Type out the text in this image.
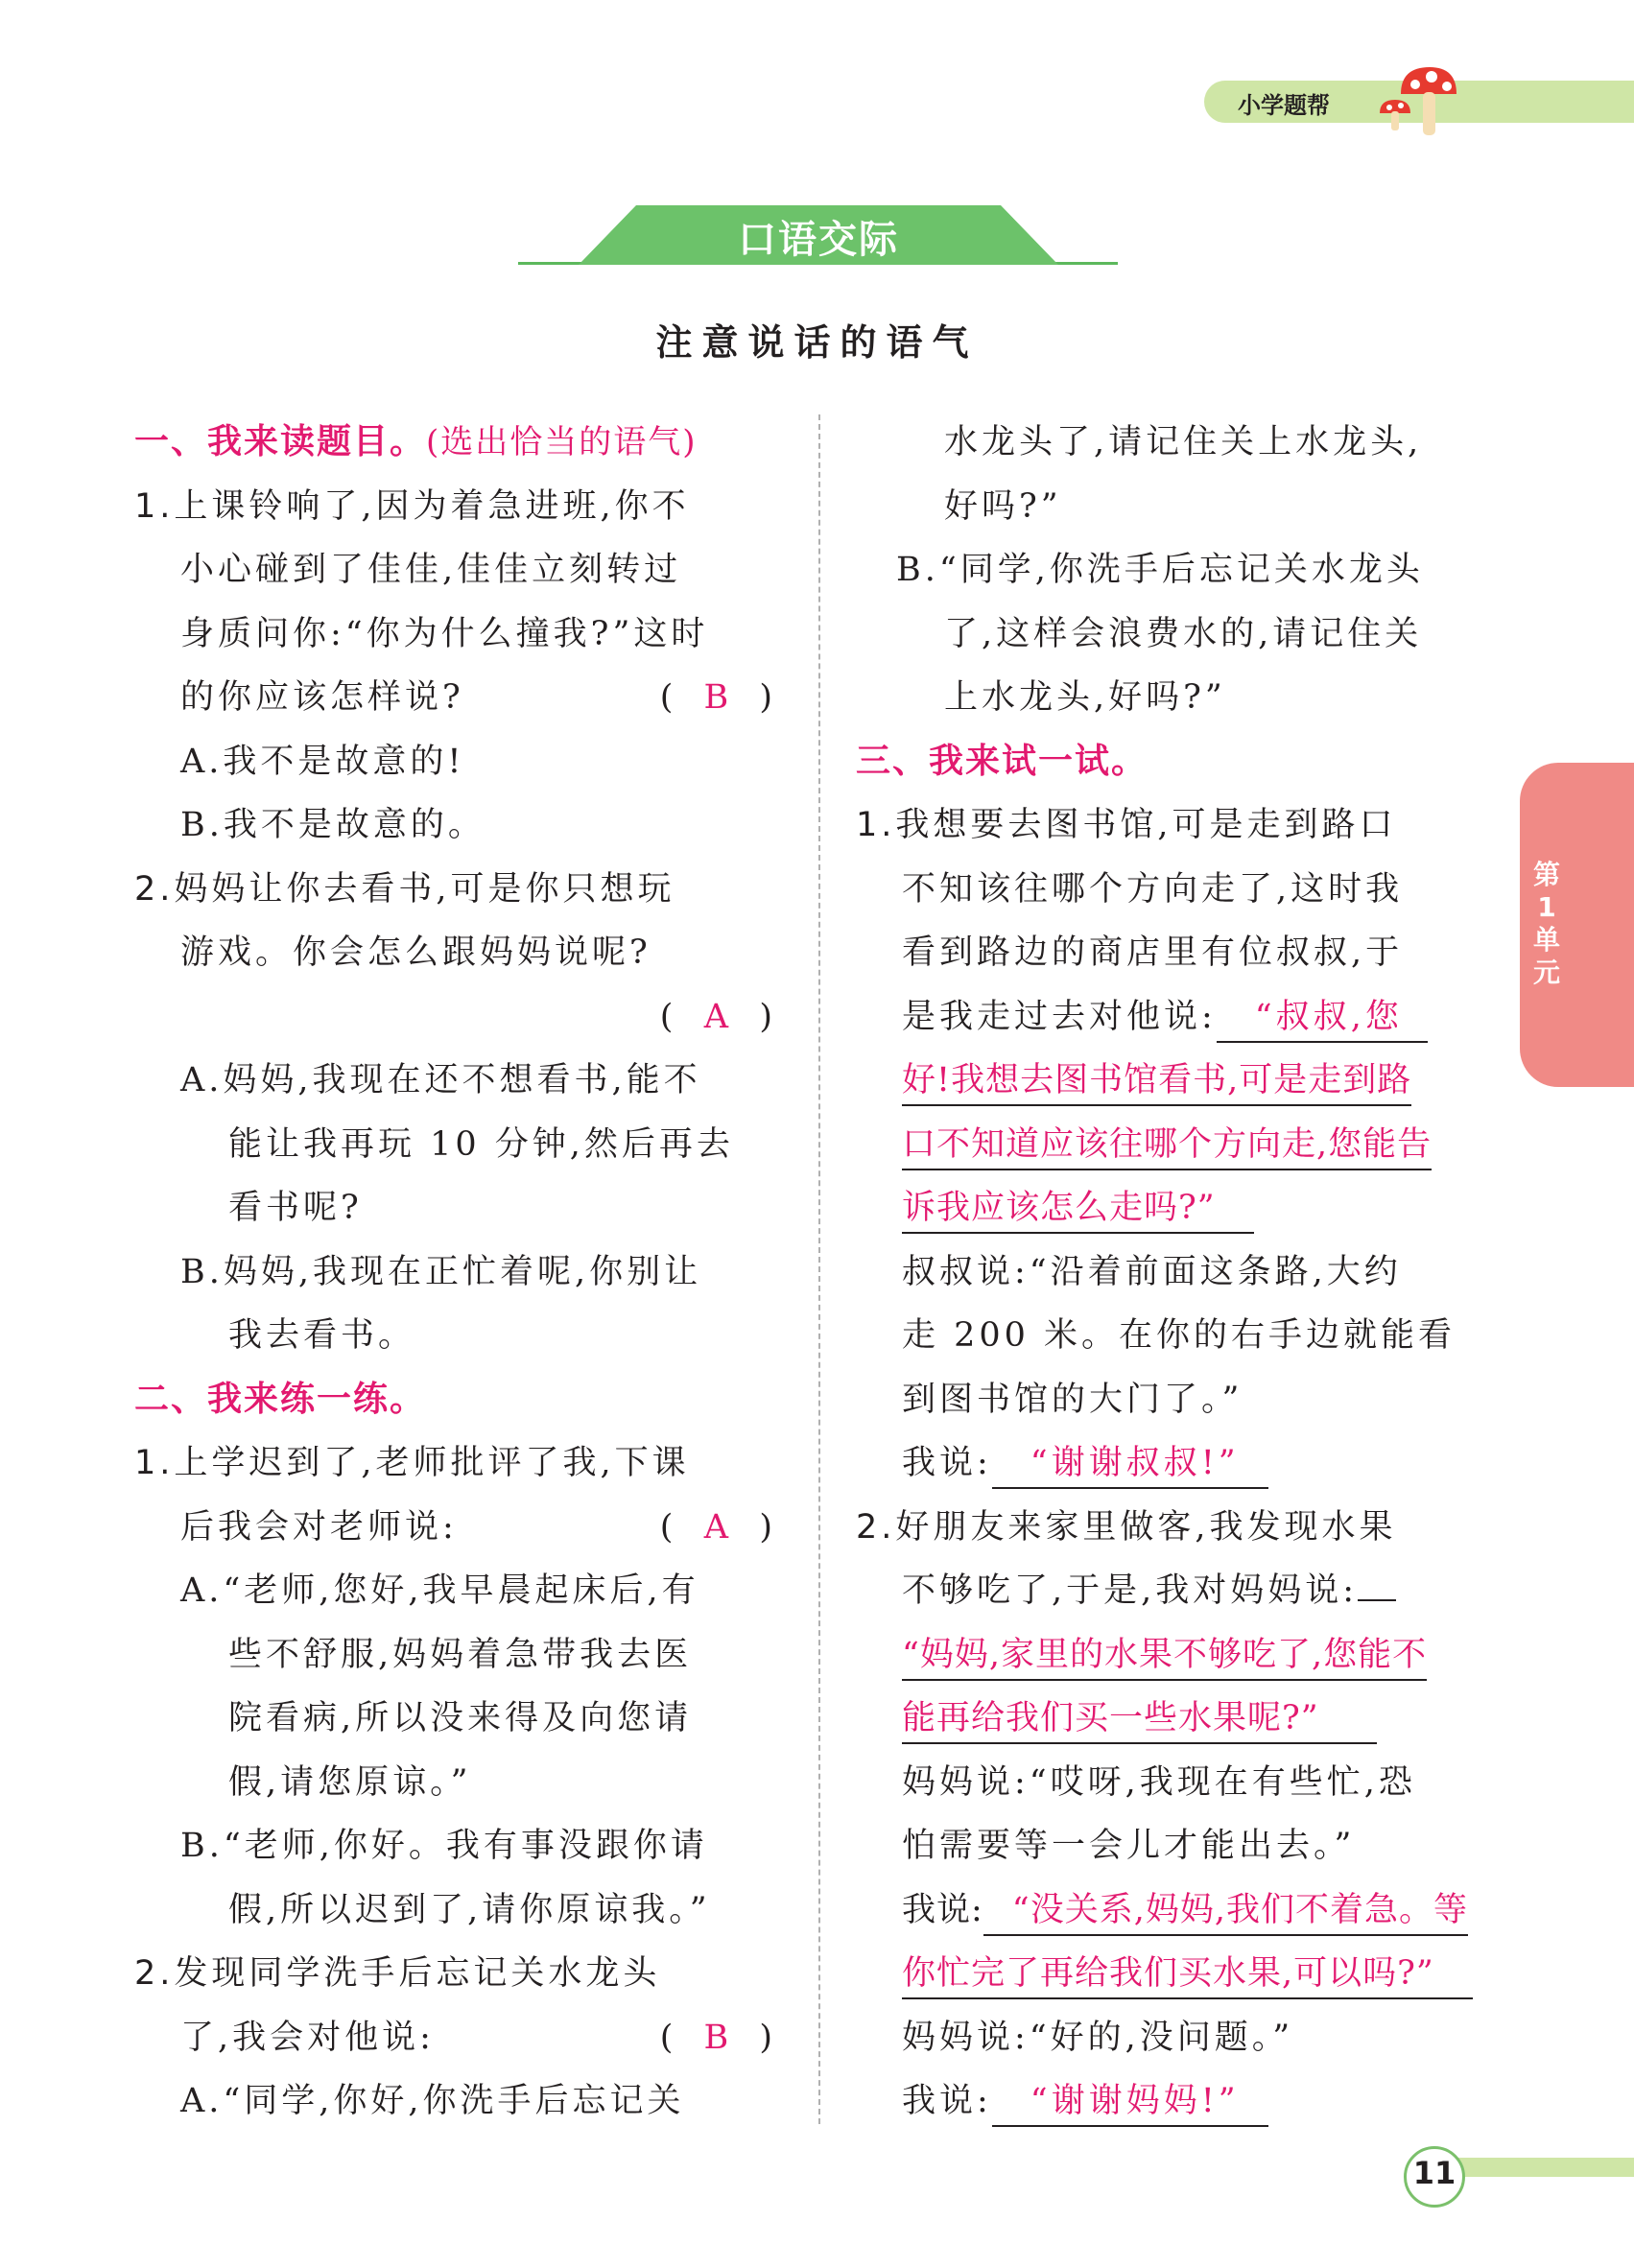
小学题帮
口语交际
注意说话的语气
一、我来读题目。(选出恰当的语气)
1.上课铃响了,因为着急进班,你不
小心碰到了佳佳,佳佳立刻转过
身质问你:“你为什么撞我?”这时
的你应该怎样说?	( B )
A.我不是故意的!
B.我不是故意的。
2.妈妈让你去看书,可是你只想玩
游戏。你会怎么跟妈妈说呢?
( A )
A.妈妈,我现在还不想看书,能不
能让我再玩 10 分钟,然后再去
看书呢?
B.妈妈,我现在正忙着呢,你别让
我去看书。
二、我来练一练。
1.上学迟到了,老师批评了我,下课
后我会对老师说:	( A )
A.“老师,您好,我早晨起床后,有
些不舒服,妈妈着急带我去医
院看病,所以没来得及向您请
假,请您原谅。”
B.“老师,你好。我有事没跟你请
假,所以迟到了,请你原谅我。”
2.发现同学洗手后忘记关水龙头
了,我会对他说:	( B )
A.“同学,你好,你洗手后忘记关
水龙头了,请记住关上水龙头,
好吗?”
B.“同学,你洗手后忘记关水龙头
了,这样会浪费水的,请记住关
上水龙头,好吗?”
三、我来试一试。
1.我想要去图书馆,可是走到路口
不知该往哪个方向走了,这时我
看到路边的商店里有位叔叔,于
是我走过去对他说: “叔叔,您
好!我想去图书馆看书,可是走到路
口不知道应该往哪个方向走,您能告
诉我应该怎么走吗?”
叔叔说:“沿着前面这条路,大约
走 200 米。在你的右手边就能看
到图书馆的大门了。”
我说: “谢谢叔叔!”
2.好朋友来家里做客,我发现水果
不够吃了,于是,我对妈妈说:
“妈妈,家里的水果不够吃了,您能不
能再给我们买一些水果呢?”
妈妈说:“哎呀,我现在有些忙,恐
怕需要等一会儿才能出去。”
我说: “没关系,妈妈,我们不着急。等
你忙完了再给我们买水果,可以吗?”
妈妈说:“好的,没问题。”
我说: “谢谢妈妈!”
第1单元
11
